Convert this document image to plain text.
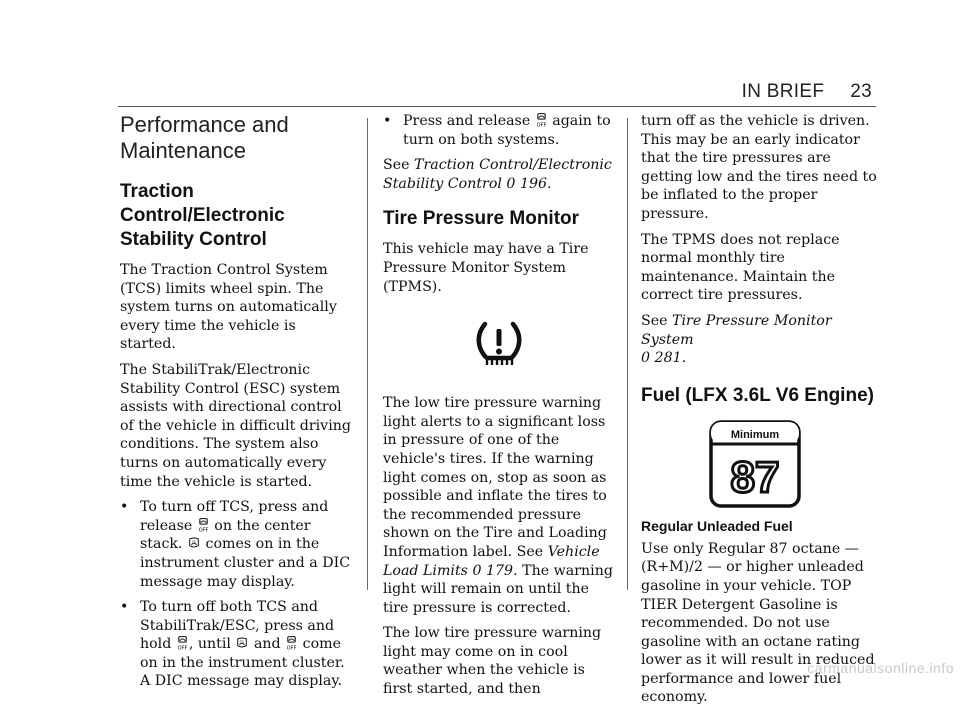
IN BRIEF 23
Performance and Maintenance
Traction Control/Electronic Stability Control

The Traction Control System (TCS) limits wheel spin. The system turns on automatically every time the vehicle is started.

The StabiliTrak/Electronic Stability Control (ESC) system assists with directional control of the vehicle in difficult driving conditions. The system also turns on automatically every time the vehicle is started.

• To turn off TCS, press and release on the center stack. comes on in the instrument cluster and a DIC message may display.

• To turn off both TCS and StabiliTrak/ESC, press and hold , until and come on in the instrument cluster. A DIC message may display.

• Press and release again to turn on both systems.

See Traction Control/Electronic Stability Control 0 196.

Tire Pressure Monitor

This vehicle may have a Tire Pressure Monitor System (TPMS).

The low tire pressure warning light alerts to a significant loss in pressure of one of the vehicle's tires. If the warning light comes on, stop as soon as possible and inflate the tires to the recommended pressure shown on the Tire and Loading Information label. See Vehicle Load Limits 0 179. The warning light will remain on until the tire pressure is corrected.

The low tire pressure warning light may come on in cool weather when the vehicle is first started, and then

turn off as the vehicle is driven. This may be an early indicator that the tire pressures are getting low and the tires need to be inflated to the proper pressure.

The TPMS does not replace normal monthly tire maintenance. Maintain the correct tire pressures.

See Tire Pressure Monitor System
0 281.

Fuel (LFX 3.6L V6 Engine)
Minimum
87
Regular Unleaded Fuel

Use only Regular 87 octane — (R+M)/2 — or higher unleaded gasoline in your vehicle. TOP TIER Detergent Gasoline is recommended. Do not use gasoline with an octane rating lower as it will result in reduced performance and lower fuel economy.

carmanualsonline.info
